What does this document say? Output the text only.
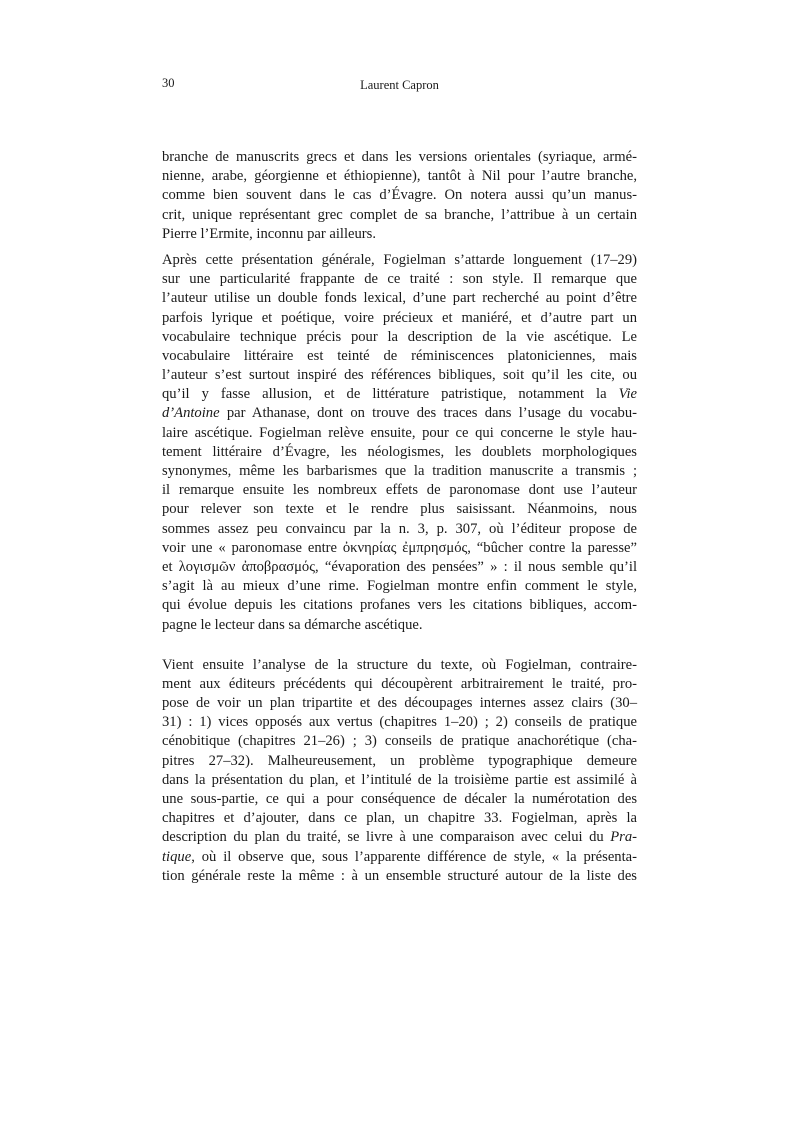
30	Laurent Capron
branche de manuscrits grecs et dans les versions orientales (syriaque, armé-
nienne, arabe, géorgienne et éthiopienne), tantôt à Nil pour l’autre branche,
comme bien souvent dans le cas d’Évagre. On notera aussi qu’un manus-
crit, unique représentant grec complet de sa branche, l’attribue à un certain
Pierre l’Ermite, inconnu par ailleurs.
Après cette présentation générale, Fogielman s’attarde longuement (17–29)
sur une particularité frappante de ce traité : son style. Il remarque que
l’auteur utilise un double fonds lexical, d’une part recherché au point d’être
parfois lyrique et poétique, voire précieux et maniéré, et d’autre part un
vocabulaire technique précis pour la description de la vie ascétique. Le
vocabulaire littéraire est teinté de réminiscences platoniciennes, mais
l’auteur s’est surtout inspiré des références bibliques, soit qu’il les cite, ou
qu’il y fasse allusion, et de littérature patristique, notamment la Vie
d’Antoine par Athanase, dont on trouve des traces dans l’usage du vocabu-
laire ascétique. Fogielman relève ensuite, pour ce qui concerne le style hau-
tement littéraire d’Évagre, les néologismes, les doublets morphologiques
synonymes, même les barbarismes que la tradition manuscrite a transmis ;
il remarque ensuite les nombreux effets de paronomase dont use l’auteur
pour relever son texte et le rendre plus saisissant. Néanmoins, nous
sommes assez peu convaincu par la n. 3, p. 307, où l’éditeur propose de
voir une « paronomase entre ὀκνηρίας ἐμπρησμός, “bûcher contre la paresse”
et λογισμῶν ἀποβρασμός, “évaporation des pensées” » : il nous semble qu’il
s’agit là au mieux d’une rime. Fogielman montre enfin comment le style,
qui évolue depuis les citations profanes vers les citations bibliques, accom-
pagne le lecteur dans sa démarche ascétique.
Vient ensuite l’analyse de la structure du texte, où Fogielman, contraire-
ment aux éditeurs précédents qui découpèrent arbitrairement le traité, pro-
pose de voir un plan tripartite et des découpages internes assez clairs (30–
31) : 1) vices opposés aux vertus (chapitres 1–20) ; 2) conseils de pratique
cénobitique (chapitres 21–26) ; 3) conseils de pratique anachorétique (cha-
pitres 27–32). Malheureusement, un problème typographique demeure
dans la présentation du plan, et l’intitulé de la troisième partie est assimilé à
une sous-partie, ce qui a pour conséquence de décaler la numérotation des
chapitres et d’ajouter, dans ce plan, un chapitre 33. Fogielman, après la
description du plan du traité, se livre à une comparaison avec celui du Pra-
tique, où il observe que, sous l’apparente différence de style, « la présenta-
tion générale reste la même : à un ensemble structuré autour de la liste des
